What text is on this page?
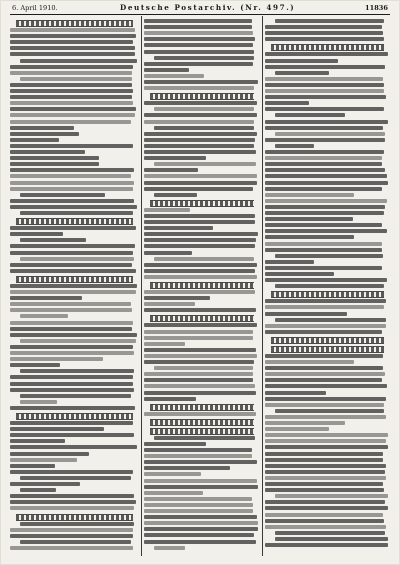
6. April 1910.	Deutsche Postarchiv. (Nr. 497.)	11836
